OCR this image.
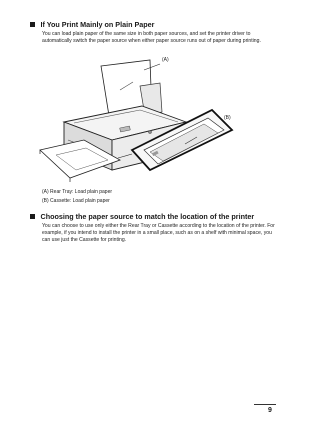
If You Print Mainly on Plain Paper
You can load plain paper of the same size in both paper sources, and set the printer driver to automatically switch the paper source when either paper source runs out of paper during printing.
(A)
(B)
(A) Rear Tray: Load plain paper
(B) Cassette: Load plain paper
Choosing the paper source to match the location of the printer
You can choose to use only either the Rear Tray or Cassette according to the location of the printer. For example, if you intend to install the printer in a small place, such as on a shelf with minimal space, you can use just the Cassette for printing.
9
